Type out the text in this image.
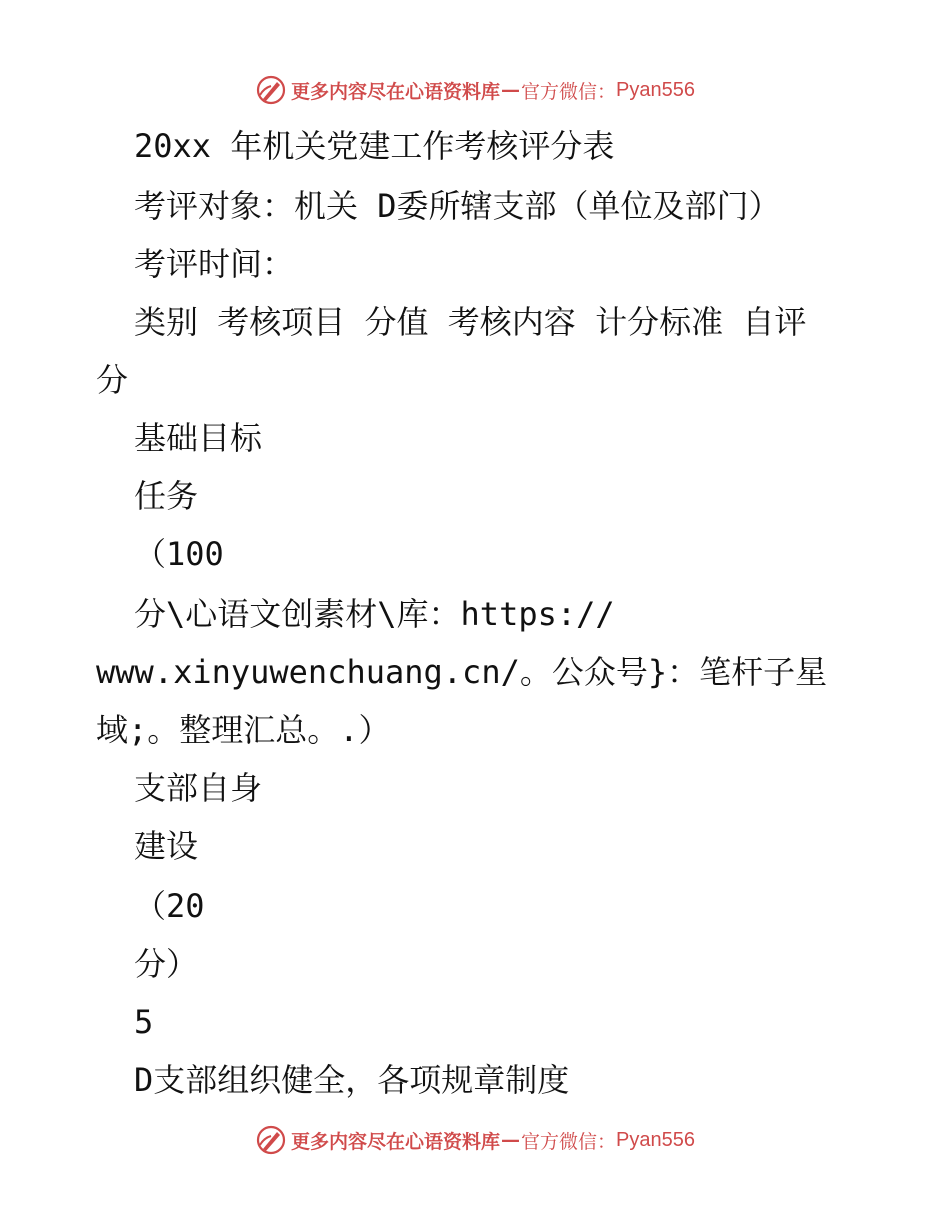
更多内容尽在心语资料库 — 官方微信： Pyan556
20xx 年机关党建工作考核评分表
考评对象：机关 D委所辖支部（单位及部门）
考评时间：
类别 考核项目 分值 考核内容 计分标准 自评
分
基础目标
任务
（100
分\心语文创素材\库：https://
www.xinyuwenchuang.cn/。公众号}：笔杆子星
域;。整理汇总。.）
支部自身
建设
（20
分）
5
D支部组织健全，各项规章制度
更多内容尽在心语资料库 — 官方微信： Pyan556
